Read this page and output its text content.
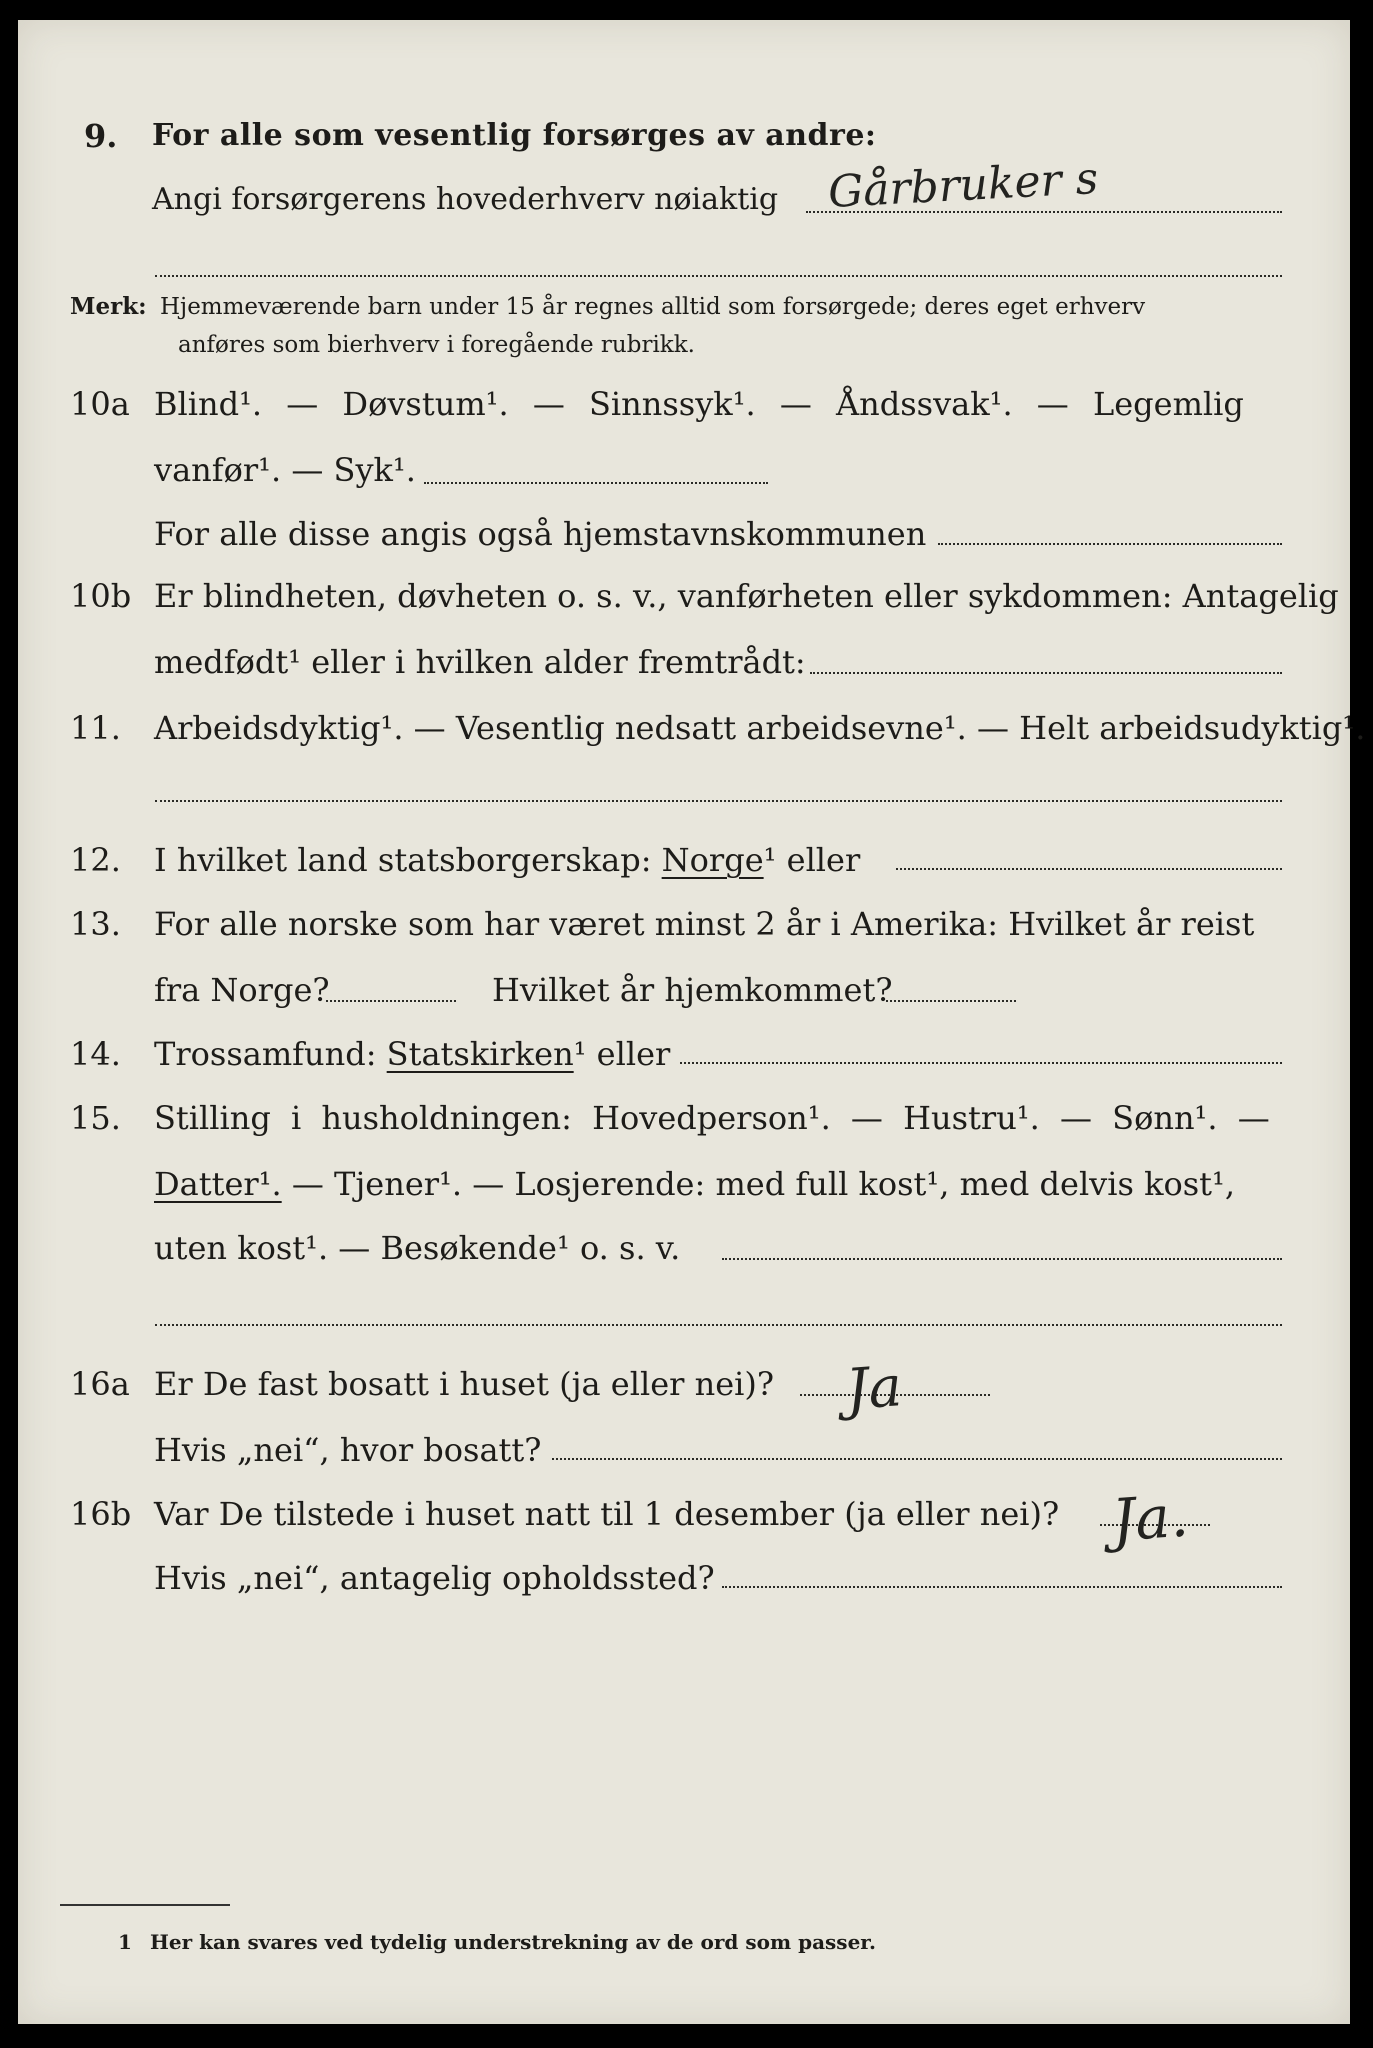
9. For alle som vesentlig forsørges av andre:
Angi forsørgerens hovederhverv nøiaktig Gårbruker s
Merk: Hjemmeværende barn under 15 år regnes alltid som forsørgede; deres eget erhverv
anføres som bierhverv i foregående rubrikk.
10a Blind¹. — Døvstum¹. — Sinnssyk¹. — Åndssvak¹. — Legemlig
vanfør¹. — Syk¹.
For alle disse angis også hjemstavnskommunen
10b Er blindheten, døvheten o. s. v., vanførheten eller sykdommen: Antagelig
medfødt¹ eller i hvilken alder fremtrådt:
11. Arbeidsdyktig¹. — Vesentlig nedsatt arbeidsevne¹. — Helt arbeidsudyktig¹.
12. I hvilket land statsborgerskap: Norge¹ eller
13. For alle norske som har været minst 2 år i Amerika: Hvilket år reist
fra Norge?	Hvilket år hjemkommet?
14. Trossamfund: Statskirken¹ eller
15. Stilling i husholdningen: Hovedperson¹. — Hustru¹. — Sønn¹. —
Datter¹. — Tjener¹. — Losjerende: med full kost¹, med delvis kost¹,
uten kost¹. — Besøkende¹ o. s. v.
16a Er De fast bosatt i huset (ja eller nei)? Ja
Hvis „nei“, hvor bosatt?
16b Var De tilstede i huset natt til 1 desember (ja eller nei)? Ja.
Hvis „nei“, antagelig opholdssted?
1 Her kan svares ved tydelig understrekning av de ord som passer.
